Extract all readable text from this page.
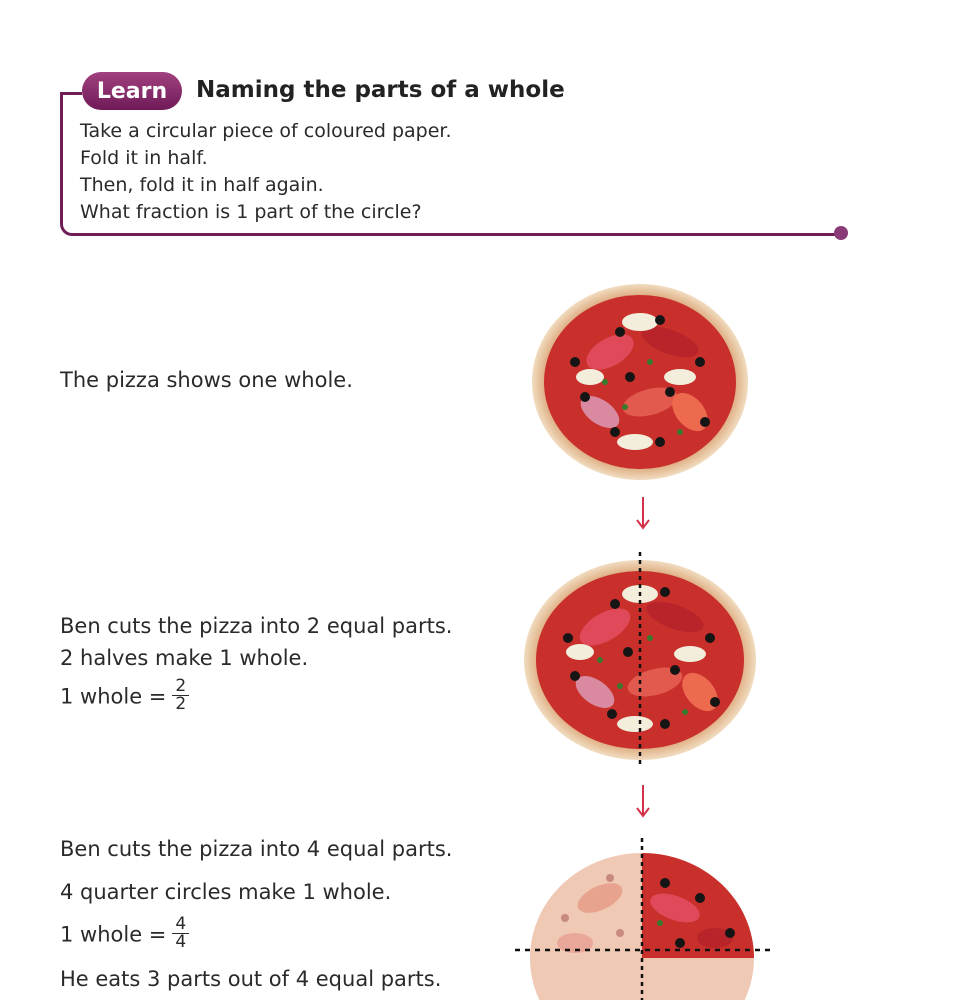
Learn	Naming the parts of a whole
Take a circular piece of coloured paper.
Fold it in half.
Then, fold it in half again.
What fraction is 1 part of the circle?
The pizza shows one whole.
Ben cuts the pizza into 2 equal parts.
2 halves make 1 whole.
1 whole = $\frac{2}{2}$
Ben cuts the pizza into 4 equal parts.
4 quarter circles make 1 whole.
1 whole = $\frac{4}{4}$
He eats 3 parts out of 4 equal parts.
